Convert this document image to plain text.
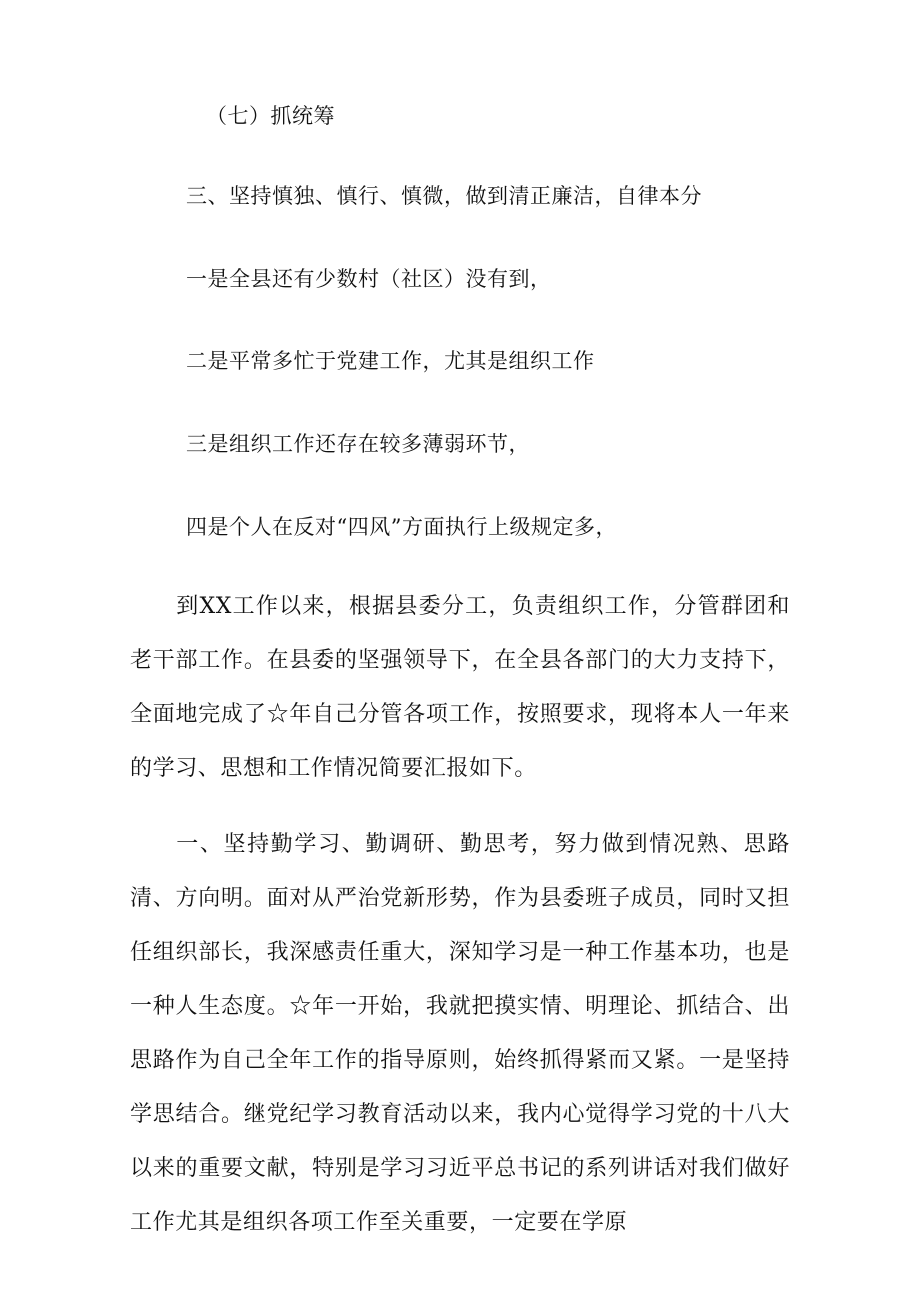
（七）抓统筹

三、坚持慎独、慎行、慎微，做到清正廉洁，自律本分

一是全县还有少数村（社区）没有到，

二是平常多忙于党建工作，尤其是组织工作

三是组织工作还存在较多薄弱环节，

四是个人在反对“四风”方面执行上级规定多，

到XX工作以来，根据县委分工，负责组织工作，分管群团和老干部工作。在县委的坚强领导下，在全县各部门的大力支持下，全面地完成了☆年自己分管各项工作，按照要求，现将本人一年来的学习、思想和工作情况简要汇报如下。

一、坚持勤学习、勤调研、勤思考，努力做到情况熟、思路清、方向明。面对从严治党新形势，作为县委班子成员，同时又担任组织部长，我深感责任重大，深知学习是一种工作基本功，也是一种人生态度。☆年一开始，我就把摸实情、明理论、抓结合、出思路作为自己全年工作的指导原则，始终抓得紧而又紧。一是坚持学思结合。继党纪学习教育活动以来，我内心觉得学习党的十八大以来的重要文献，特别是学习习近平总书记的系列讲话对我们做好工作尤其是组织各项工作至关重要，一定要在学原
